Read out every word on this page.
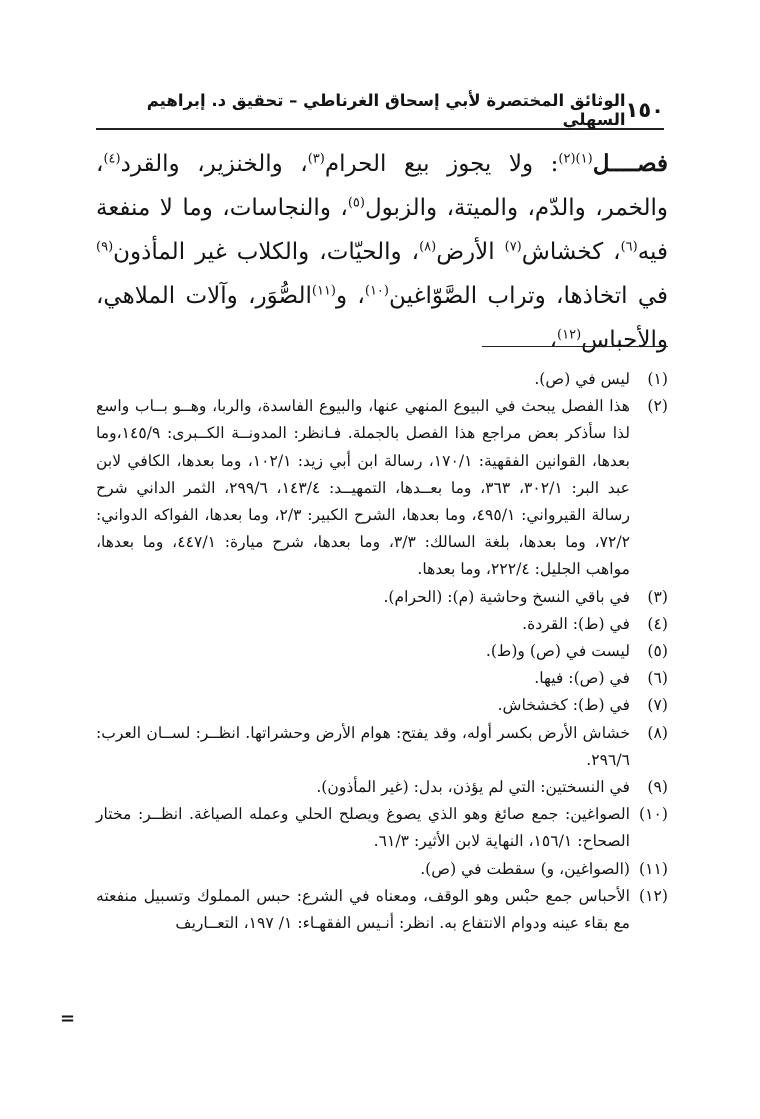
١٥٠
الوثائق المختصرة لأبي إسحاق الغرناطي – تحقيق د. إبراهيم السهلي
فصــــل$^{(١)(٢)}$: ولا يجوز بيع الحرام$^{(٣)}$، والخنزير، والقرد$^{(٤)}$، والخمر، والدّم، والميتة، والزبول$^{(٥)}$، والنجاسات، وما لا منفعة فيه$^{(٦)}$، كخشاش$^{(٧)}$ الأرض$^{(٨)}$، والحيّات، والكلاب غير المأذون$^{(٩)}$ في اتخاذها، وتراب الصَّوّاغين$^{(١٠)}$، و$^{(١١)}$الصُّوَر، وآلات الملاهي، والأحباس$^{(١٢)}$،
(١)
ليس في (ص).
(٢)
هذا الفصل يبحث في البيوع المنهي عنها، والبيوع الفاسدة، والربا، وهــو بــاب واسع لذا سأذكر بعض مراجع هذا الفصل بالجملة. فـانظر: المدونــة الكــبرى: ١٤٥/٩،وما بعدها، القوانين الفقهية: ١٧٠/١، رسالة ابن أبي زيد: ١٠٢/١، وما بعدها، الكافي لابن عبد البر: ٣٠٢/١، ٣٦٣، وما بعــدها، التمهيــد: ١٤٣/٤، ٢٩٩/٦، الثمر الداني شرح رسالة القيرواني: ٤٩٥/١، وما بعدها، الشرح الكبير: ٢/٣، وما بعدها، الفواكه الدواني: ٧٢/٢، وما بعدها، بلغة السالك: ٣/٣، وما بعدها، شرح ميارة: ٤٤٧/١، وما بعدها، مواهب الجليل: ٢٢٢/٤، وما بعدها.
(٣)
في باقي النسخ وحاشية (م): (الحرام).
(٤)
في (ط): القردة.
(٥)
ليست في (ص) و(ط).
(٦)
في (ص): فيها.
(٧)
في (ط): كخشخاش.
(٨)
خشاش الأرض بكسر أوله، وقد يفتح: هوام الأرض وحشراتها. انظــر: لســان العرب: ٢٩٦/٦.
(٩)
في النسختين: التي لم يؤذن، بدل: (غير المأذون).
(١٠)
الصواغين: جمع صائغ وهو الذي يصوغ ويصلح الحلي وعمله الصياغة. انظــر: مختار الصحاح: ١٥٦/١، النهاية لابن الأثير: ٦١/٣.
(١١)
(الصواغين، و) سقطت في (ص).
(١٢)
الأحباس جمع حبْس وهو الوقف، ومعناه في الشرع: حبس المملوك وتسبيل منفعته مع بقاء عينه ودوام الانتفاع به. انظر: أنـيس الفقهـاء: ١/ ١٩٧، التعــاريف
=
